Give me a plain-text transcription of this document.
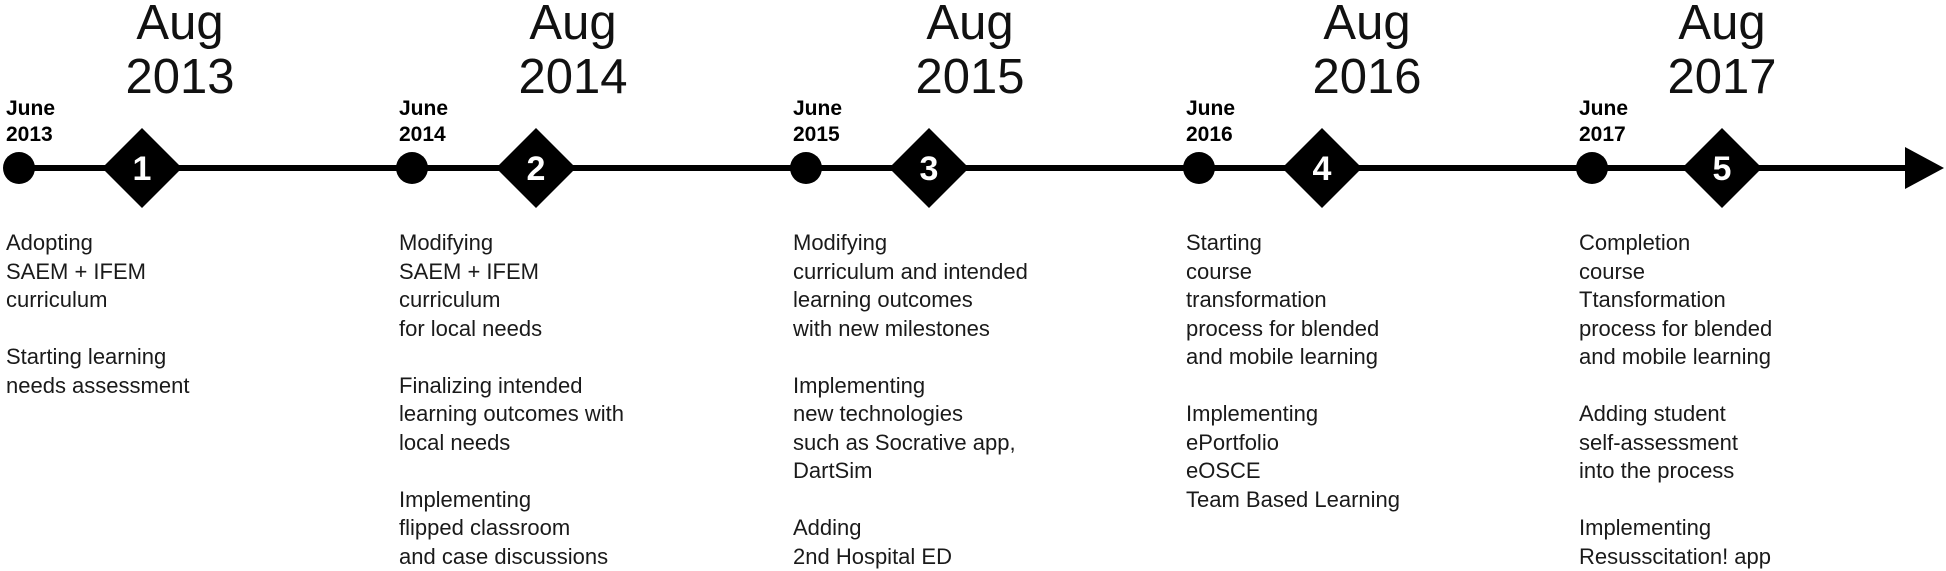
1	2	3	4	5
Aug
2013
June
2013
Adopting
SAEM + IFEM
curriculum
Starting learning
needs assessment
Aug
2014
June
2014
Modifying
SAEM + IFEM
curriculum
for local needs
Finalizing intended
learning outcomes with
local needs
Implementing
flipped classroom
and case discussions
Aug
2015
June
2015
Modifying
curriculum and intended
learning outcomes
with new milestones
Implementing
new technologies
such as Socrative app,
DartSim
Adding
2nd Hospital ED
Aug
2016
June
2016
Starting
course
transformation
process for blended
and mobile learning
Implementing
ePortfolio
eOSCE
Team Based Learning
Aug
2017
June
2017
Completion
course
Ttansformation
process for blended
and mobile learning
Adding student
self-assessment
into the process
Implementing
Resusscitation! app
